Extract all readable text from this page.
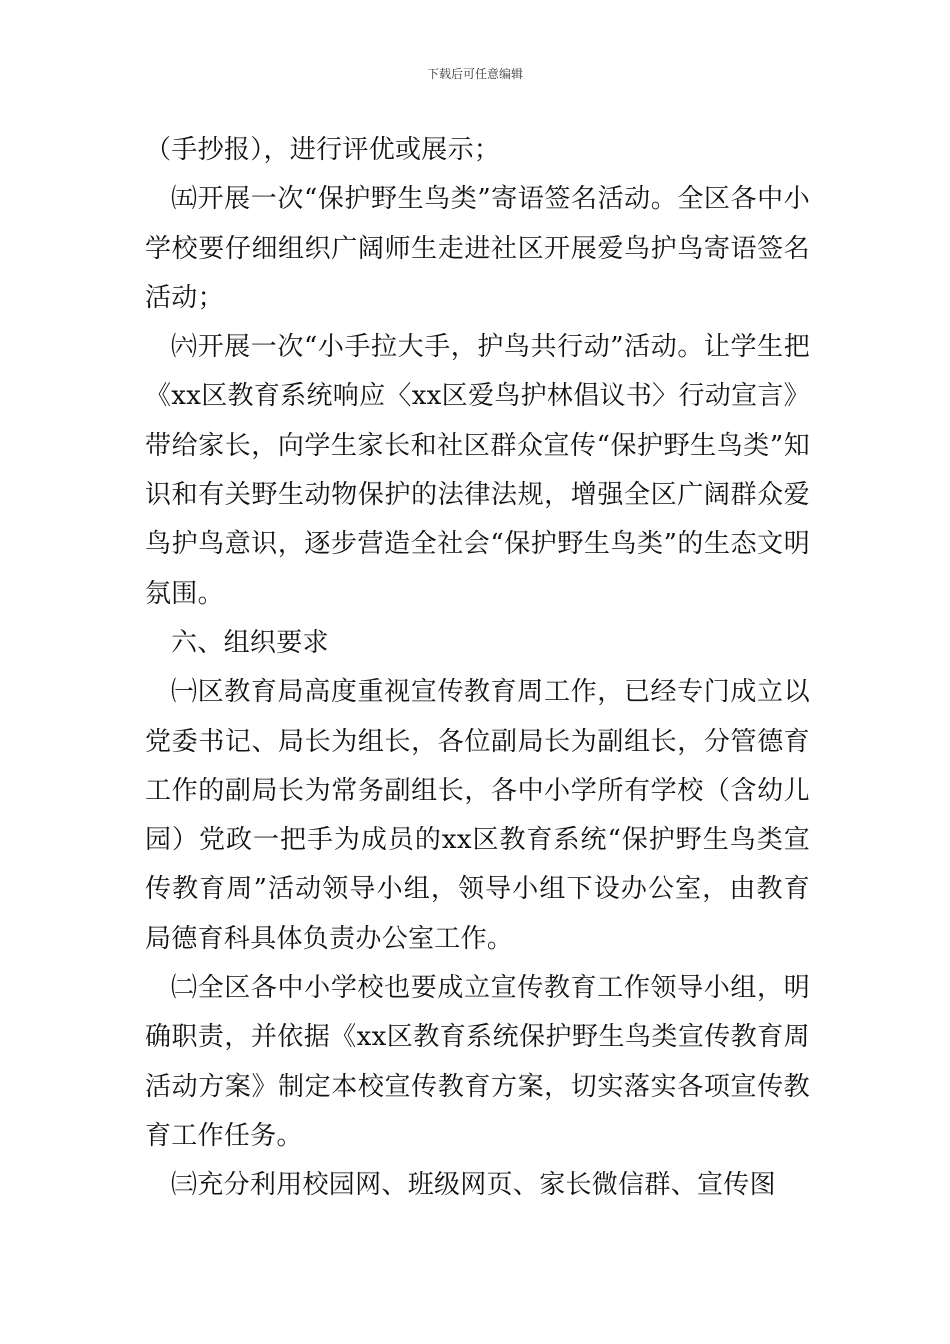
下载后可任意编辑

（手抄报），进行评优或展示；

㈤开展一次“保护野生鸟类”寄语签名活动。全区各中小学校要仔细组织广阔师生走进社区开展爱鸟护鸟寄语签名活动；

㈥开展一次“小手拉大手，护鸟共行动”活动。让学生把《xx区教育系统响应〈xx区爱鸟护林倡议书〉行动宣言》带给家长，向学生家长和社区群众宣传“保护野生鸟类”知识和有关野生动物保护的法律法规，增强全区广阔群众爱鸟护鸟意识，逐步营造全社会“保护野生鸟类”的生态文明氛围。

六、组织要求

㈠区教育局高度重视宣传教育周工作，已经专门成立以党委书记、局长为组长，各位副局长为副组长，分管德育工作的副局长为常务副组长，各中小学所有学校（含幼儿园）党政一把手为成员的xx区教育系统“保护野生鸟类宣传教育周”活动领导小组，领导小组下设办公室，由教育局德育科具体负责办公室工作。

㈡全区各中小学校也要成立宣传教育工作领导小组，明确职责，并依据《xx区教育系统保护野生鸟类宣传教育周活动方案》制定本校宣传教育方案，切实落实各项宣传教育工作任务。

㈢充分利用校园网、班级网页、家长微信群、宣传图
